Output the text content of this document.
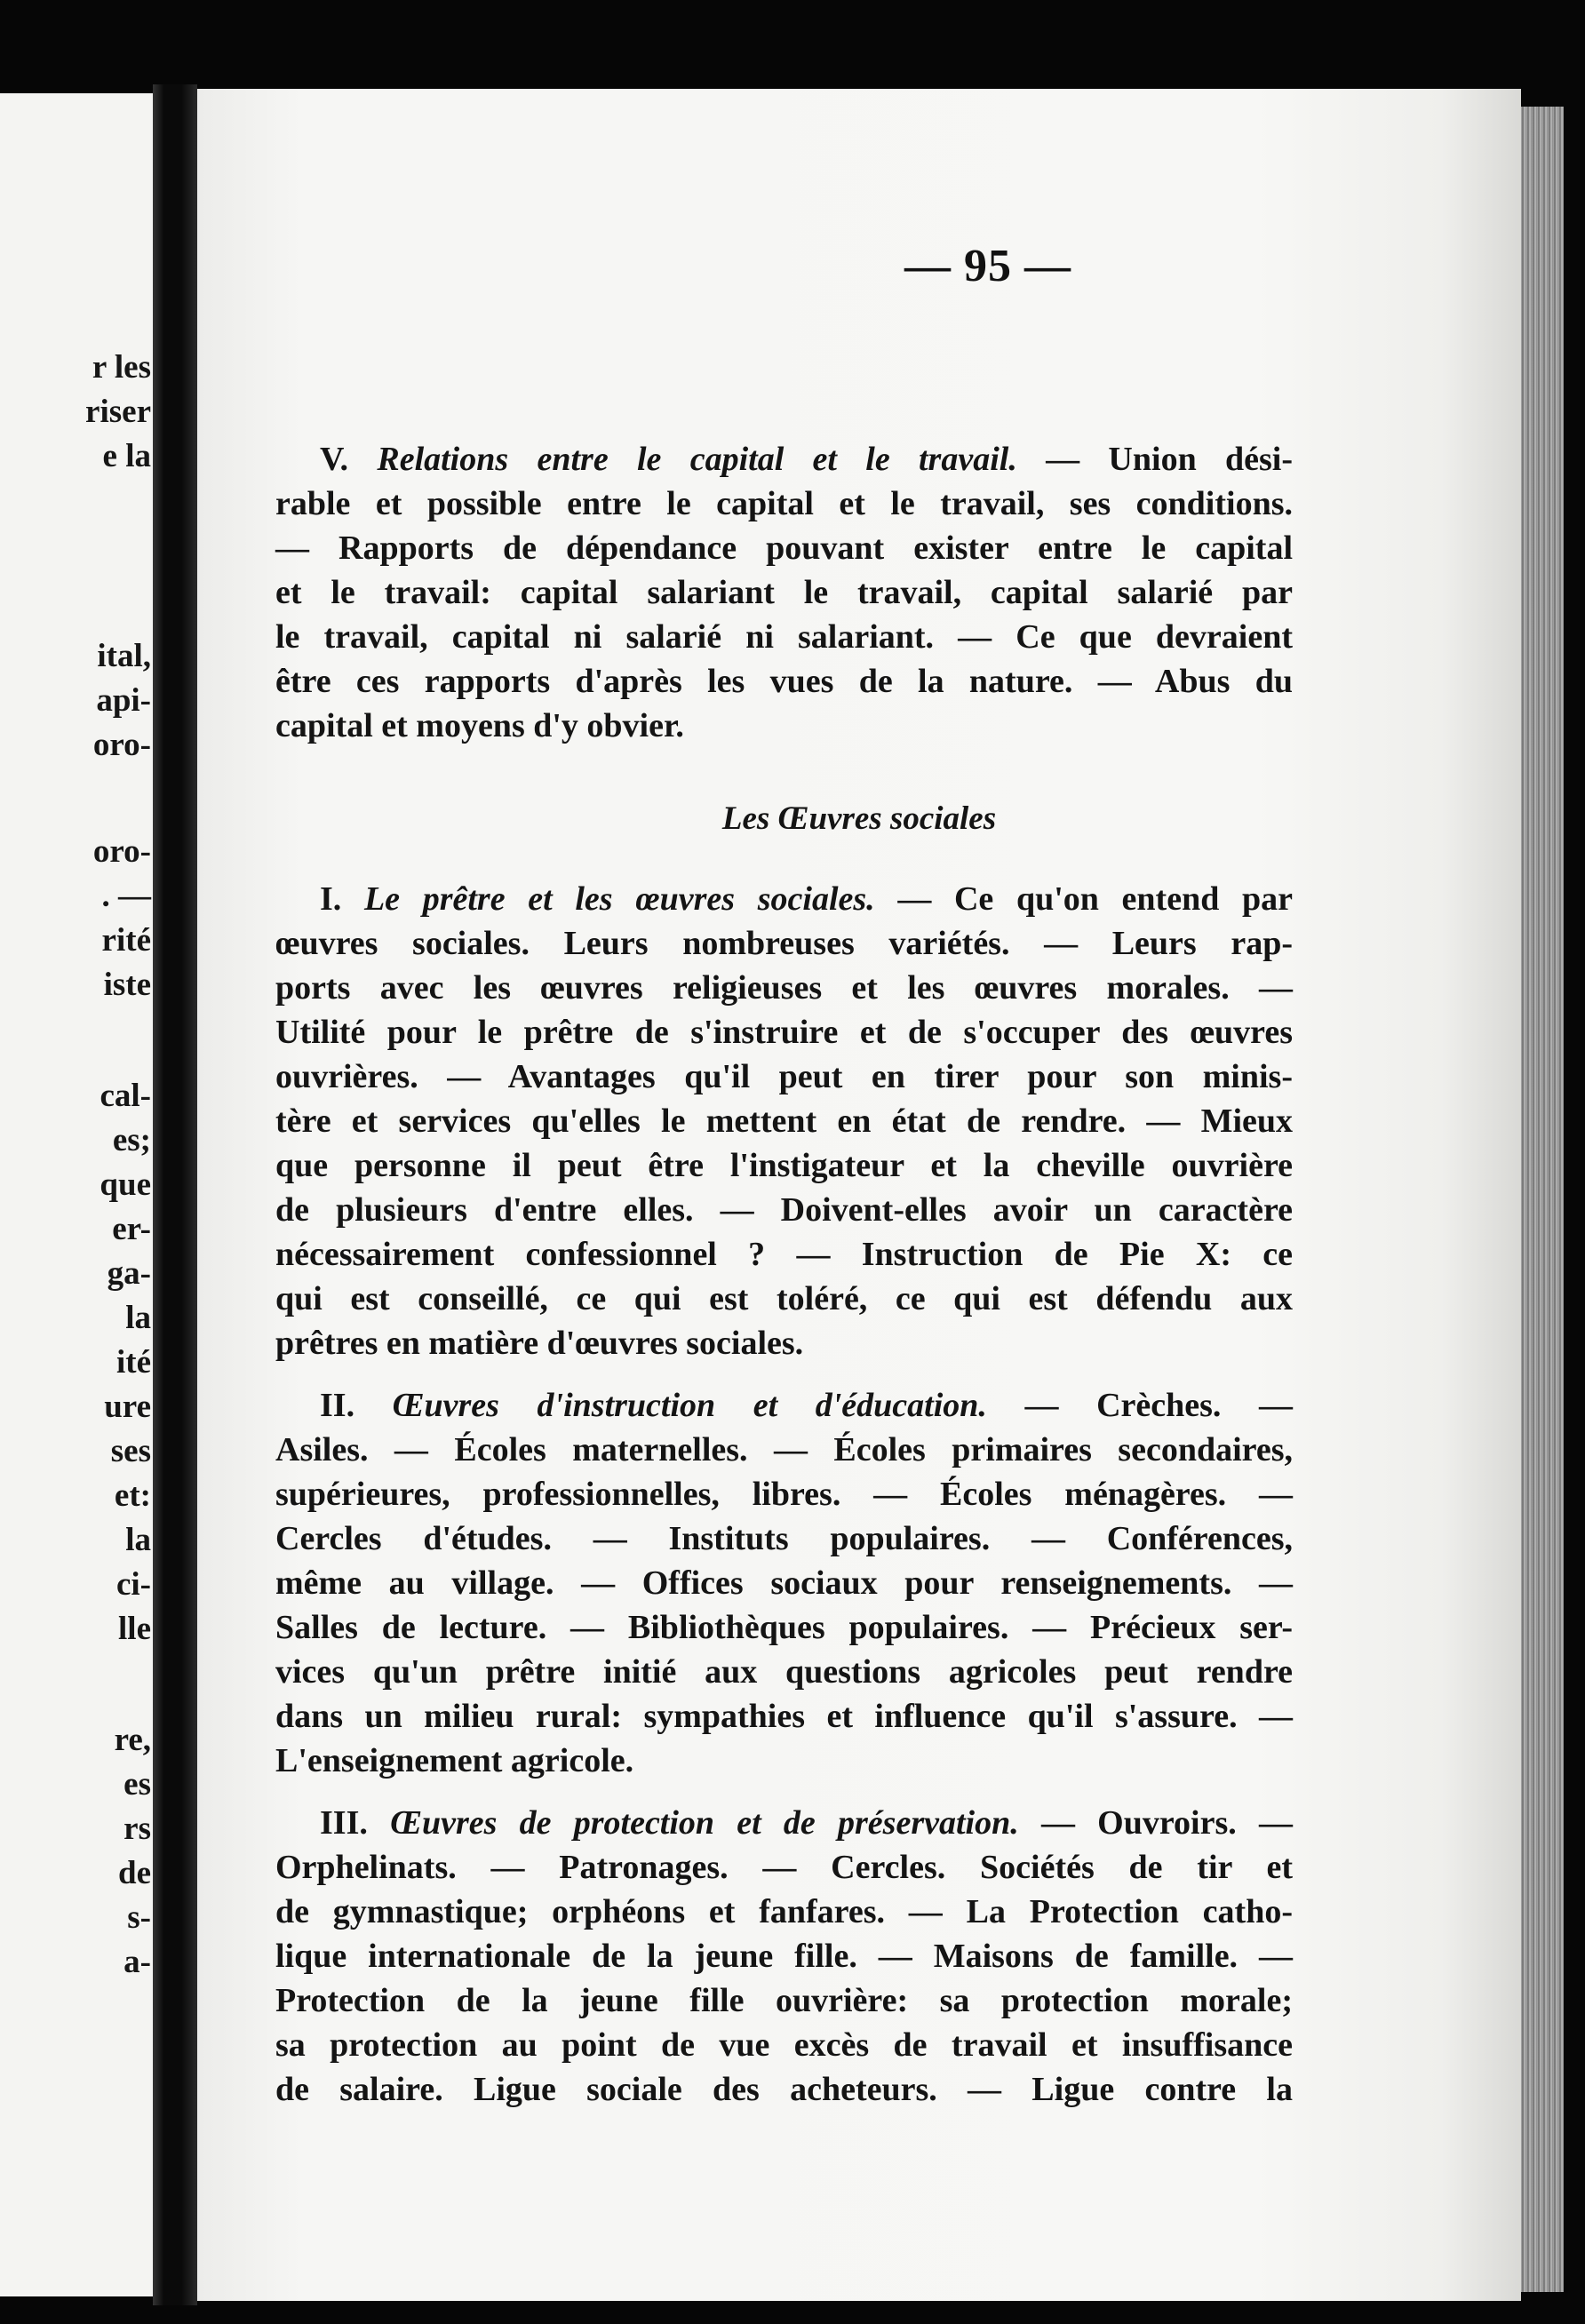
r les
riser
e la
ital,
api-
oro-
oro-
. —
rité
iste
cal-
es;
que
er-
ga-
la
ité
ure
ses
et:
la
ci-
lle
re,
es
rs
de
s-
a-
— 95 —
V. Relations entre le capital et le travail. — Union dési-
rable et possible entre le capital et le travail, ses conditions.
— Rapports de dépendance pouvant exister entre le capital
et le travail: capital salariant le travail, capital salarié par
le travail, capital ni salarié ni salariant. — Ce que devraient
être ces rapports d'après les vues de la nature. — Abus du
capital et moyens d'y obvier.
Les Œuvres sociales
I. Le prêtre et les œuvres sociales. — Ce qu'on entend par
œuvres sociales. Leurs nombreuses variétés. — Leurs rap-
ports avec les œuvres religieuses et les œuvres morales. —
Utilité pour le prêtre de s'instruire et de s'occuper des œuvres
ouvrières. — Avantages qu'il peut en tirer pour son minis-
tère et services qu'elles le mettent en état de rendre. — Mieux
que personne il peut être l'instigateur et la cheville ouvrière
de plusieurs d'entre elles. — Doivent-elles avoir un caractère
nécessairement confessionnel ? — Instruction de Pie X: ce
qui est conseillé, ce qui est toléré, ce qui est défendu aux
prêtres en matière d'œuvres sociales.
II. Œuvres d'instruction et d'éducation. — Crèches. —
Asiles. — Écoles maternelles. — Écoles primaires secondaires,
supérieures, professionnelles, libres. — Écoles ménagères. —
Cercles d'études. — Instituts populaires. — Conférences,
même au village. — Offices sociaux pour renseignements. —
Salles de lecture. — Bibliothèques populaires. — Précieux ser-
vices qu'un prêtre initié aux questions agricoles peut rendre
dans un milieu rural: sympathies et influence qu'il s'assure. —
L'enseignement agricole.
III. Œuvres de protection et de préservation. — Ouvroirs. —
Orphelinats. — Patronages. — Cercles. Sociétés de tir et
de gymnastique; orphéons et fanfares. — La Protection catho-
lique internationale de la jeune fille. — Maisons de famille. —
Protection de la jeune fille ouvrière: sa protection morale;
sa protection au point de vue excès de travail et insuffisance
de salaire. Ligue sociale des acheteurs. — Ligue contre la
